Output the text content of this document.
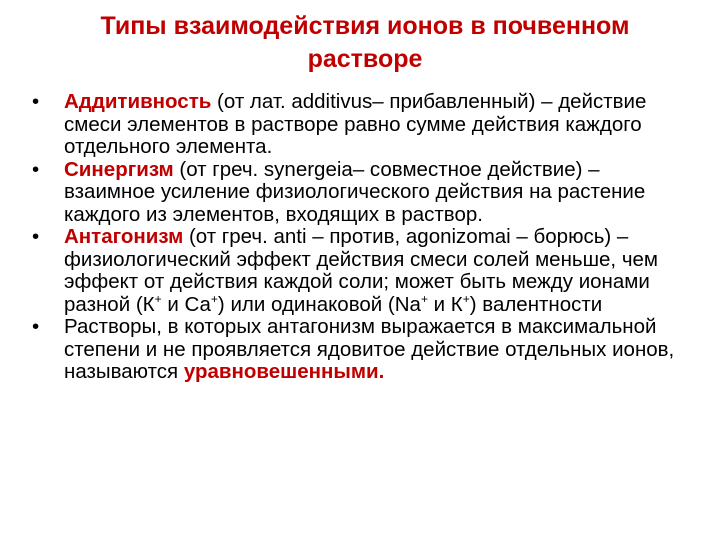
Типы взаимодействия ионов в почвенном растворе
• Аддитивность (от лат. additivus– прибавленный) – действие смеси элементов в растворе равно сумме действия каждого отдельного элемента.
• Синергизм (от греч. synergeia– совместное действие) – взаимное усиление физиологического действия на растение каждого из элементов, входящих в раствор.
• Антагонизм (от греч. anti – против, agonizomai – борюсь) – физиологический эффект действия смеси солей меньше, чем эффект от действия каждой соли; может быть между ионами разной (К+ и Са+) или одинаковой (Na+ и К+) валентности
• Растворы, в которых антагонизм выражается в максимальной степени и не проявляется ядовитое действие отдельных ионов, называются уравновешенными.
